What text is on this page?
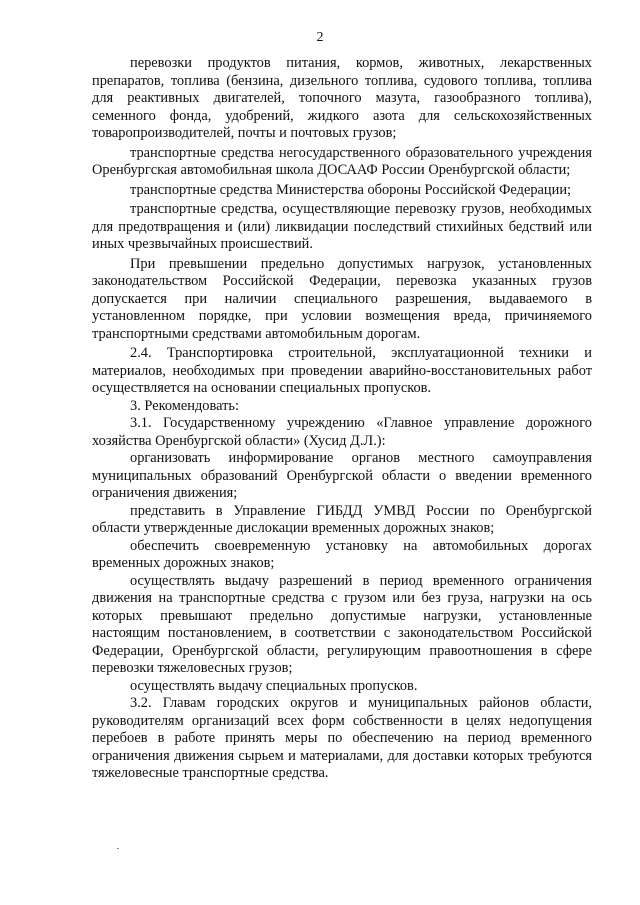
2

перевозки продуктов питания, кормов, животных, лекарственных препаратов, топлива (бензина, дизельного топлива, судового топлива, топлива для реактивных двигателей, топочного мазута, газообразного топлива), семенного фонда, удобрений, жидкого азота для сельскохозяйственных товаропроизводителей, почты и почтовых грузов;

транспортные средства негосударственного образовательного учреждения Оренбургская автомобильная школа ДОСААФ России Оренбургской области;

транспортные средства Министерства обороны Российской Федерации;

транспортные средства, осуществляющие перевозку грузов, необходимых для предотвращения и (или) ликвидации последствий стихийных бедствий или иных чрезвычайных происшествий.

При превышении предельно допустимых нагрузок, установленных законодательством Российской Федерации, перевозка указанных грузов допускается при наличии специального разрешения, выдаваемого в установленном порядке, при условии возмещения вреда, причиняемого транспортными средствами автомобильным дорогам.

2.4. Транспортировка строительной, эксплуатационной техники и материалов, необходимых при проведении аварийно-восстановительных работ осуществляется на основании специальных пропусков.

3. Рекомендовать:

3.1. Государственному учреждению «Главное управление дорожного хозяйства Оренбургской области» (Хусид Д.Л.):

организовать информирование органов местного самоуправления муниципальных образований Оренбургской области о введении временного ограничения движения;

представить в Управление ГИБДД УМВД России по Оренбургской области утвержденные дислокации временных дорожных знаков;

обеспечить своевременную установку на автомобильных дорогах временных дорожных знаков;

осуществлять выдачу разрешений в период временного ограничения движения на транспортные средства с грузом или без груза, нагрузки на ось которых превышают предельно допустимые нагрузки, установленные настоящим постановлением, в соответствии с законодательством Российской Федерации, Оренбургской области, регулирующим правоотношения в сфере перевозки тяжеловесных грузов;

осуществлять выдачу специальных пропусков.

3.2. Главам городских округов и муниципальных районов области, руководителям организаций всех форм собственности в целях недопущения перебоев в работе принять меры по обеспечению на период временного ограничения движения сырьем и материалами, для доставки которых требуются тяжеловесные транспортные средства.
